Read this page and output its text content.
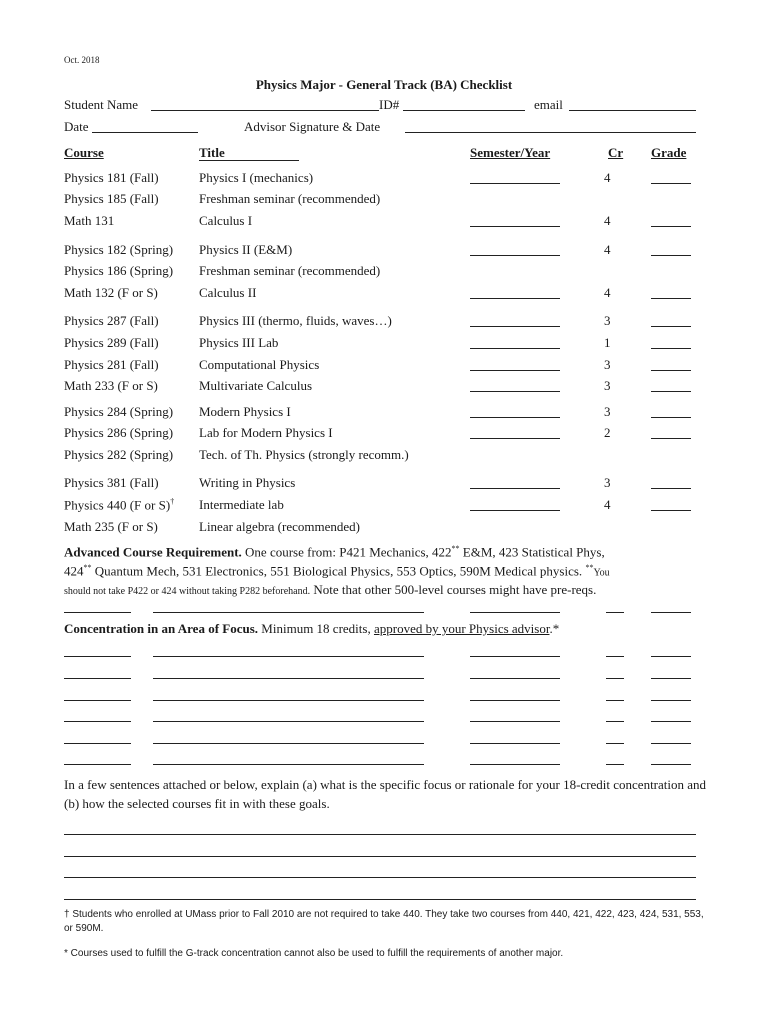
Oct. 2018
Physics Major - General Track (BA) Checklist
Student Name	ID#	email
Date	Advisor Signature & Date
Course	Title	Semester/Year	Cr Grade
Physics 181 (Fall)	Physics I (mechanics)	4
Physics 185 (Fall)	Freshman seminar (recommended)
Math 131	Calculus I	4
Physics 182 (Spring) Physics II (E&M)	4
Physics 186 (Spring) Freshman seminar (recommended)
Math 132 (F or S)	Calculus II	4
Physics 287 (Fall)	Physics III (thermo, fluids, waves…)	3
Physics 289 (Fall)	Physics III Lab	1
Physics 281 (Fall)	Computational Physics	3
Math 233 (F or S)	Multivariate Calculus	3
Physics 284 (Spring) Modern Physics I	3
Physics 286 (Spring) Lab for Modern Physics I	2
Physics 282 (Spring) Tech. of Th. Physics (strongly recomm.)
Physics 381 (Fall)	Writing in Physics	3
Physics 440 (F or S)† Intermediate lab	4
Math 235 (F or S)	Linear algebra (recommended)
Advanced Course Requirement. One course from: P421 Mechanics, 422** E&M, 423 Statistical Phys,
424** Quantum Mech, 531 Electronics, 551 Biological Physics, 553 Optics, 590M Medical physics. **You
should not take P422 or 424 without taking P282 beforehand. Note that other 500-level courses might have pre-reqs.
Concentration in an Area of Focus. Minimum 18 credits, approved by your Physics advisor.*
In a few sentences attached or below, explain (a) what is the specific focus or rationale for your 18-credit concentration and (b) how the selected courses fit in with these goals.
† Students who enrolled at UMass prior to Fall 2010 are not required to take 440. They take two courses from 440, 421, 422, 423, 424, 531, 553, or 590M.
* Courses used to fulfill the G-track concentration cannot also be used to fulfill the requirements of another major.
